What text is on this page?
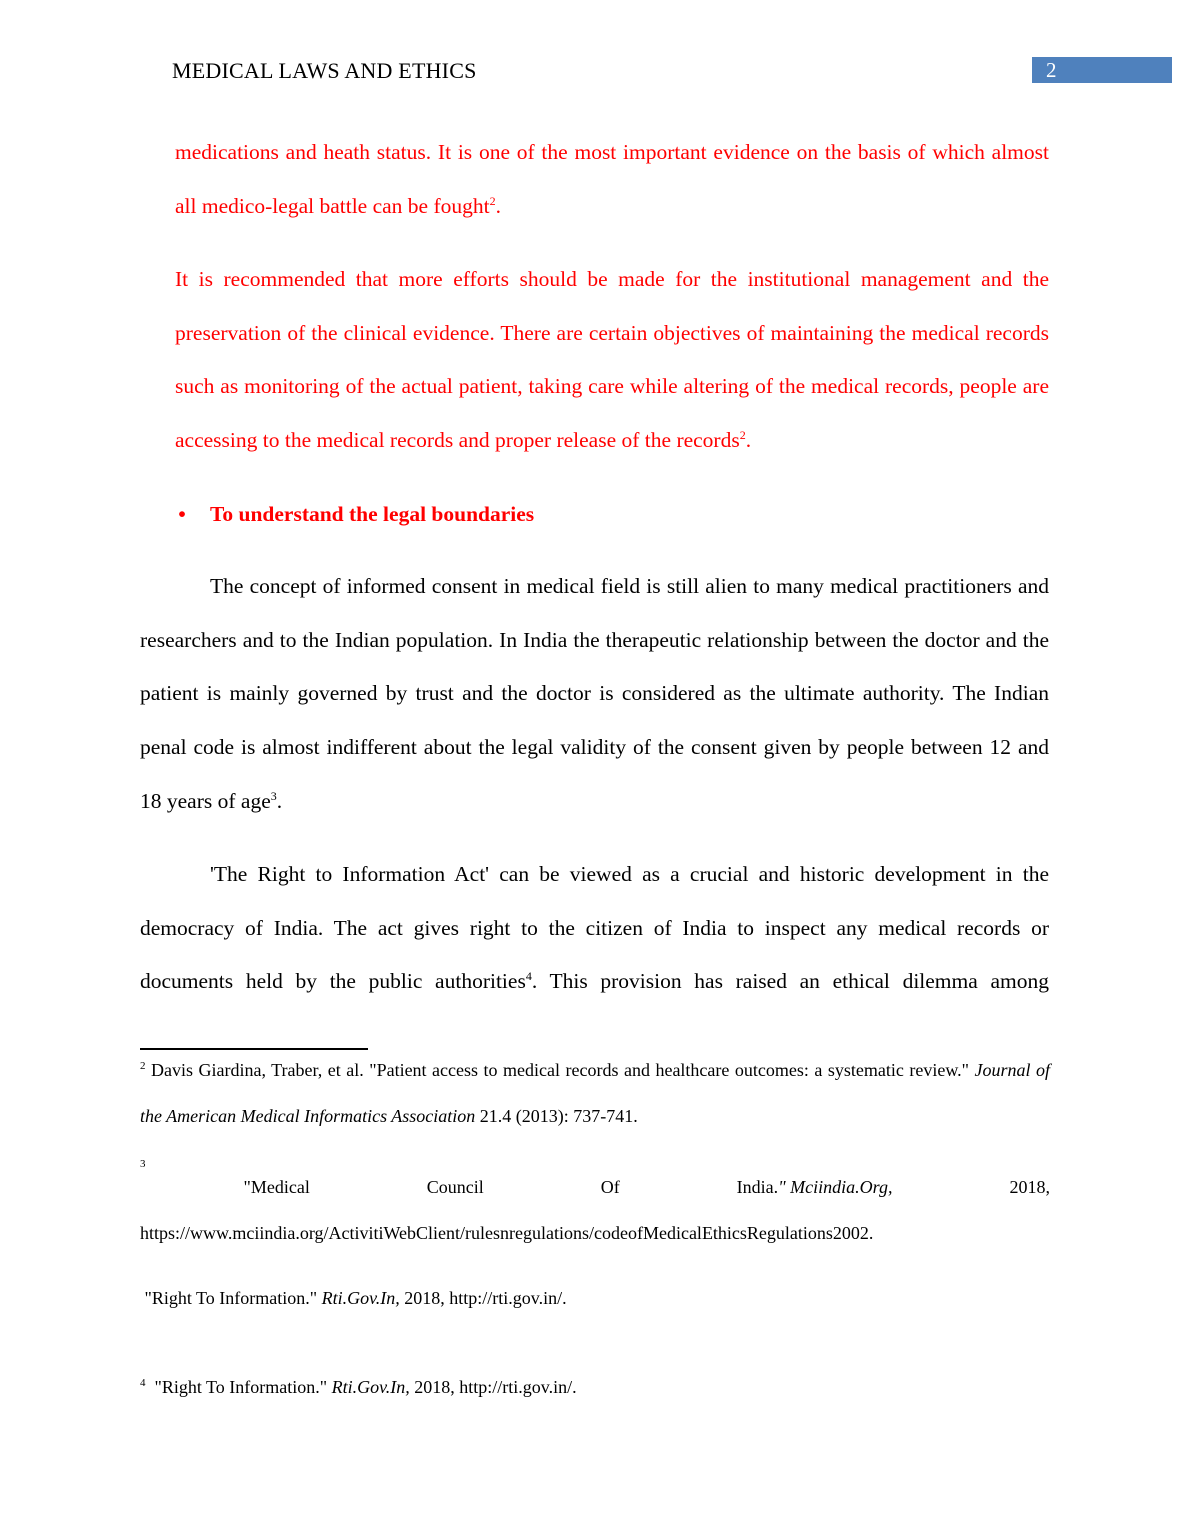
MEDICAL LAWS AND ETHICS	2

medications and heath status. It is one of the most important evidence on the basis of which almost all medico-legal battle can be fought$^2$.

It is recommended that more efforts should be made for the institutional management and the preservation of the clinical evidence. There are certain objectives of maintaining the medical records such as monitoring of the actual patient, taking care while altering of the medical records, people are accessing to the medical records and proper release of the records$^2$.

• To understand the legal boundaries

The concept of informed consent in medical field is still alien to many medical practitioners and researchers and to the Indian population. In India the therapeutic relationship between the doctor and the patient is mainly governed by trust and the doctor is considered as the ultimate authority. The Indian penal code is almost indifferent about the legal validity of the consent given by people between 12 and 18 years of age$^3$.

'The Right to Information Act' can be viewed as a crucial and historic development in the democracy of India. The act gives right to the citizen of India to inspect any medical records or documents held by the public authorities$^4$. This provision has raised an ethical dilemma among

$^2$ Davis Giardina, Traber, et al. "Patient access to medical records and healthcare outcomes: a systematic review." Journal of the American Medical Informatics Association 21.4 (2013): 737-741.

3
"Medical	Council	Of	India." Mciindia.Org,	2018,

https://www.mciindia.org/ActivitiWebClient/rulesnregulations/codeofMedicalEthicsRegulations2002.

"Right To Information." Rti.Gov.In, 2018, http://rti.gov.in/.

$^4$  "Right To Information." Rti.Gov.In, 2018, http://rti.gov.in/.
